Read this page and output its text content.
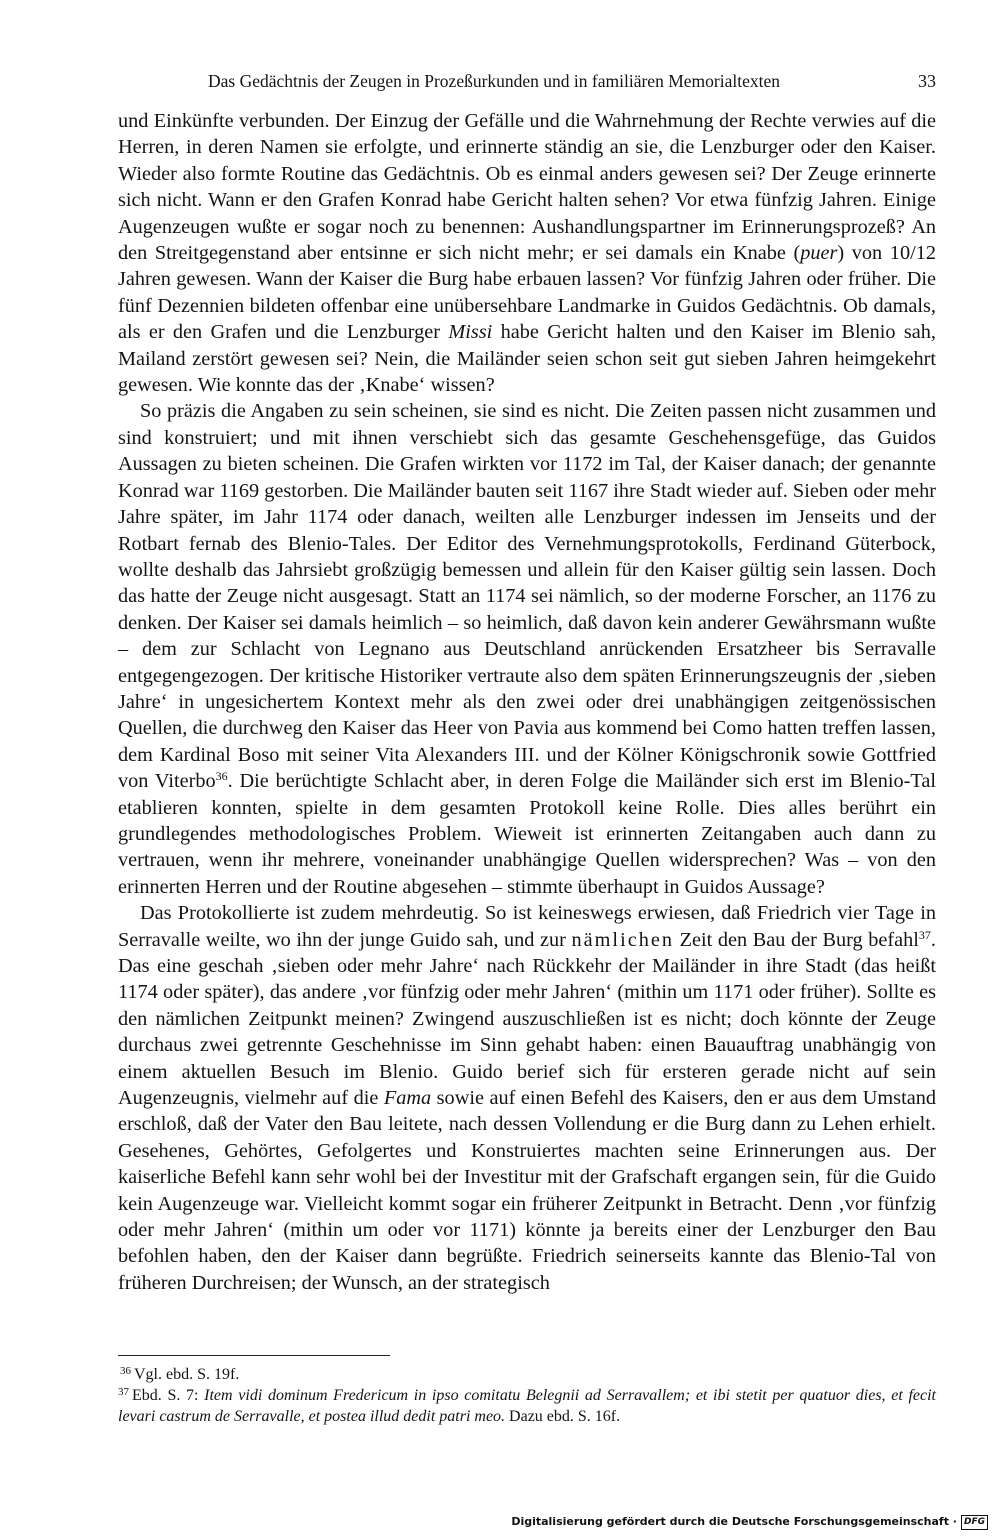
Das Gedächtnis der Zeugen in Prozeßurkunden und in familiären Memorialtexten	33

und Einkünfte verbunden. Der Einzug der Gefälle und die Wahrnehmung der Rechte verwies auf die Herren, in deren Namen sie erfolgte, und erinnerte ständig an sie, die Lenzburger oder den Kaiser. Wieder also formte Routine das Gedächtnis. Ob es einmal anders gewesen sei? Der Zeuge erinnerte sich nicht. Wann er den Grafen Konrad habe Gericht halten sehen? Vor etwa fünfzig Jahren. Einige Augenzeugen wußte er sogar noch zu benennen: Aushandlungspartner im Erinnerungsprozeß? An den Streitgegenstand aber entsinne er sich nicht mehr; er sei damals ein Knabe (puer) von 10/12 Jahren gewesen. Wann der Kaiser die Burg habe erbauen lassen? Vor fünfzig Jahren oder früher. Die fünf Dezennien bildeten offenbar eine unübersehbare Landmarke in Guidos Gedächtnis. Ob damals, als er den Grafen und die Lenzburger Missi habe Gericht halten und den Kaiser im Blenio sah, Mailand zerstört gewesen sei? Nein, die Mailänder seien schon seit gut sieben Jahren heimgekehrt gewesen. Wie konnte das der ‚Knabe‘ wissen?

So präzis die Angaben zu sein scheinen, sie sind es nicht. Die Zeiten passen nicht zusammen und sind konstruiert; und mit ihnen verschiebt sich das gesamte Geschehensgefüge, das Guidos Aussagen zu bieten scheinen. Die Grafen wirkten vor 1172 im Tal, der Kaiser danach; der genannte Konrad war 1169 gestorben. Die Mailänder bauten seit 1167 ihre Stadt wieder auf. Sieben oder mehr Jahre später, im Jahr 1174 oder danach, weilten alle Lenzburger indessen im Jenseits und der Rotbart fernab des Blenio-Tales. Der Editor des Vernehmungsprotokolls, Ferdinand Güterbock, wollte deshalb das Jahrsiebt großzügig bemessen und allein für den Kaiser gültig sein lassen. Doch das hatte der Zeuge nicht ausgesagt. Statt an 1174 sei nämlich, so der moderne Forscher, an 1176 zu denken. Der Kaiser sei damals heimlich – so heimlich, daß davon kein anderer Gewährsmann wußte – dem zur Schlacht von Legnano aus Deutschland anrückenden Ersatzheer bis Serravalle entgegengezogen. Der kritische Historiker vertraute also dem späten Erinnerungszeugnis der ‚sieben Jahre‘ in ungesichertem Kontext mehr als den zwei oder drei unabhängigen zeitgenössischen Quellen, die durchweg den Kaiser das Heer von Pavia aus kommend bei Como hatten treffen lassen, dem Kardinal Boso mit seiner Vita Alexanders III. und der Kölner Königschronik sowie Gottfried von Viterbo$^{36}$. Die berüchtigte Schlacht aber, in deren Folge die Mailänder sich erst im Blenio-Tal etablieren konnten, spielte in dem gesamten Protokoll keine Rolle. Dies alles berührt ein grundlegendes methodologisches Problem. Wieweit ist erinnerten Zeitangaben auch dann zu vertrauen, wenn ihr mehrere, voneinander unabhängige Quellen widersprechen? Was – von den erinnerten Herren und der Routine abgesehen – stimmte überhaupt in Guidos Aussage?

Das Protokollierte ist zudem mehrdeutig. So ist keineswegs erwiesen, daß Friedrich vier Tage in Serravalle weilte, wo ihn der junge Guido sah, und zur nämlichen Zeit den Bau der Burg befahl$^{37}$. Das eine geschah ‚sieben oder mehr Jahre‘ nach Rückkehr der Mailänder in ihre Stadt (das heißt 1174 oder später), das andere ‚vor fünfzig oder mehr Jahren‘ (mithin um 1171 oder früher). Sollte es den nämlichen Zeitpunkt meinen? Zwingend auszuschließen ist es nicht; doch könnte der Zeuge durchaus zwei getrennte Geschehnisse im Sinn gehabt haben: einen Bauauftrag unabhängig von einem aktuellen Besuch im Blenio. Guido berief sich für ersteren gerade nicht auf sein Augenzeugnis, vielmehr auf die Fama sowie auf einen Befehl des Kaisers, den er aus dem Umstand erschloß, daß der Vater den Bau leitete, nach dessen Vollendung er die Burg dann zu Lehen erhielt. Gesehenes, Gehörtes, Gefolgertes und Konstruiertes machten seine Erinnerungen aus. Der kaiserliche Befehl kann sehr wohl bei der Investitur mit der Grafschaft ergangen sein, für die Guido kein Augenzeuge war. Vielleicht kommt sogar ein früherer Zeitpunkt in Betracht. Denn ‚vor fünfzig oder mehr Jahren‘ (mithin um oder vor 1171) könnte ja bereits einer der Lenzburger den Bau befohlen haben, den der Kaiser dann begrüßte. Friedrich seinerseits kannte das Blenio-Tal von früheren Durchreisen; der Wunsch, an der strategisch

$^{36}$ Vgl. ebd. S. 19f.

$^{37}$ Ebd. S. 7: Item vidi dominum Fredericum in ipso comitatu Belegnii ad Serravallem; et ibi stetit per quatuor dies, et fecit levari castrum de Serravalle, et postea illud dedit patri meo. Dazu ebd. S. 16f.

Digitalisierung gefördert durch die Deutsche Forschungsgemeinschaft · DFG
